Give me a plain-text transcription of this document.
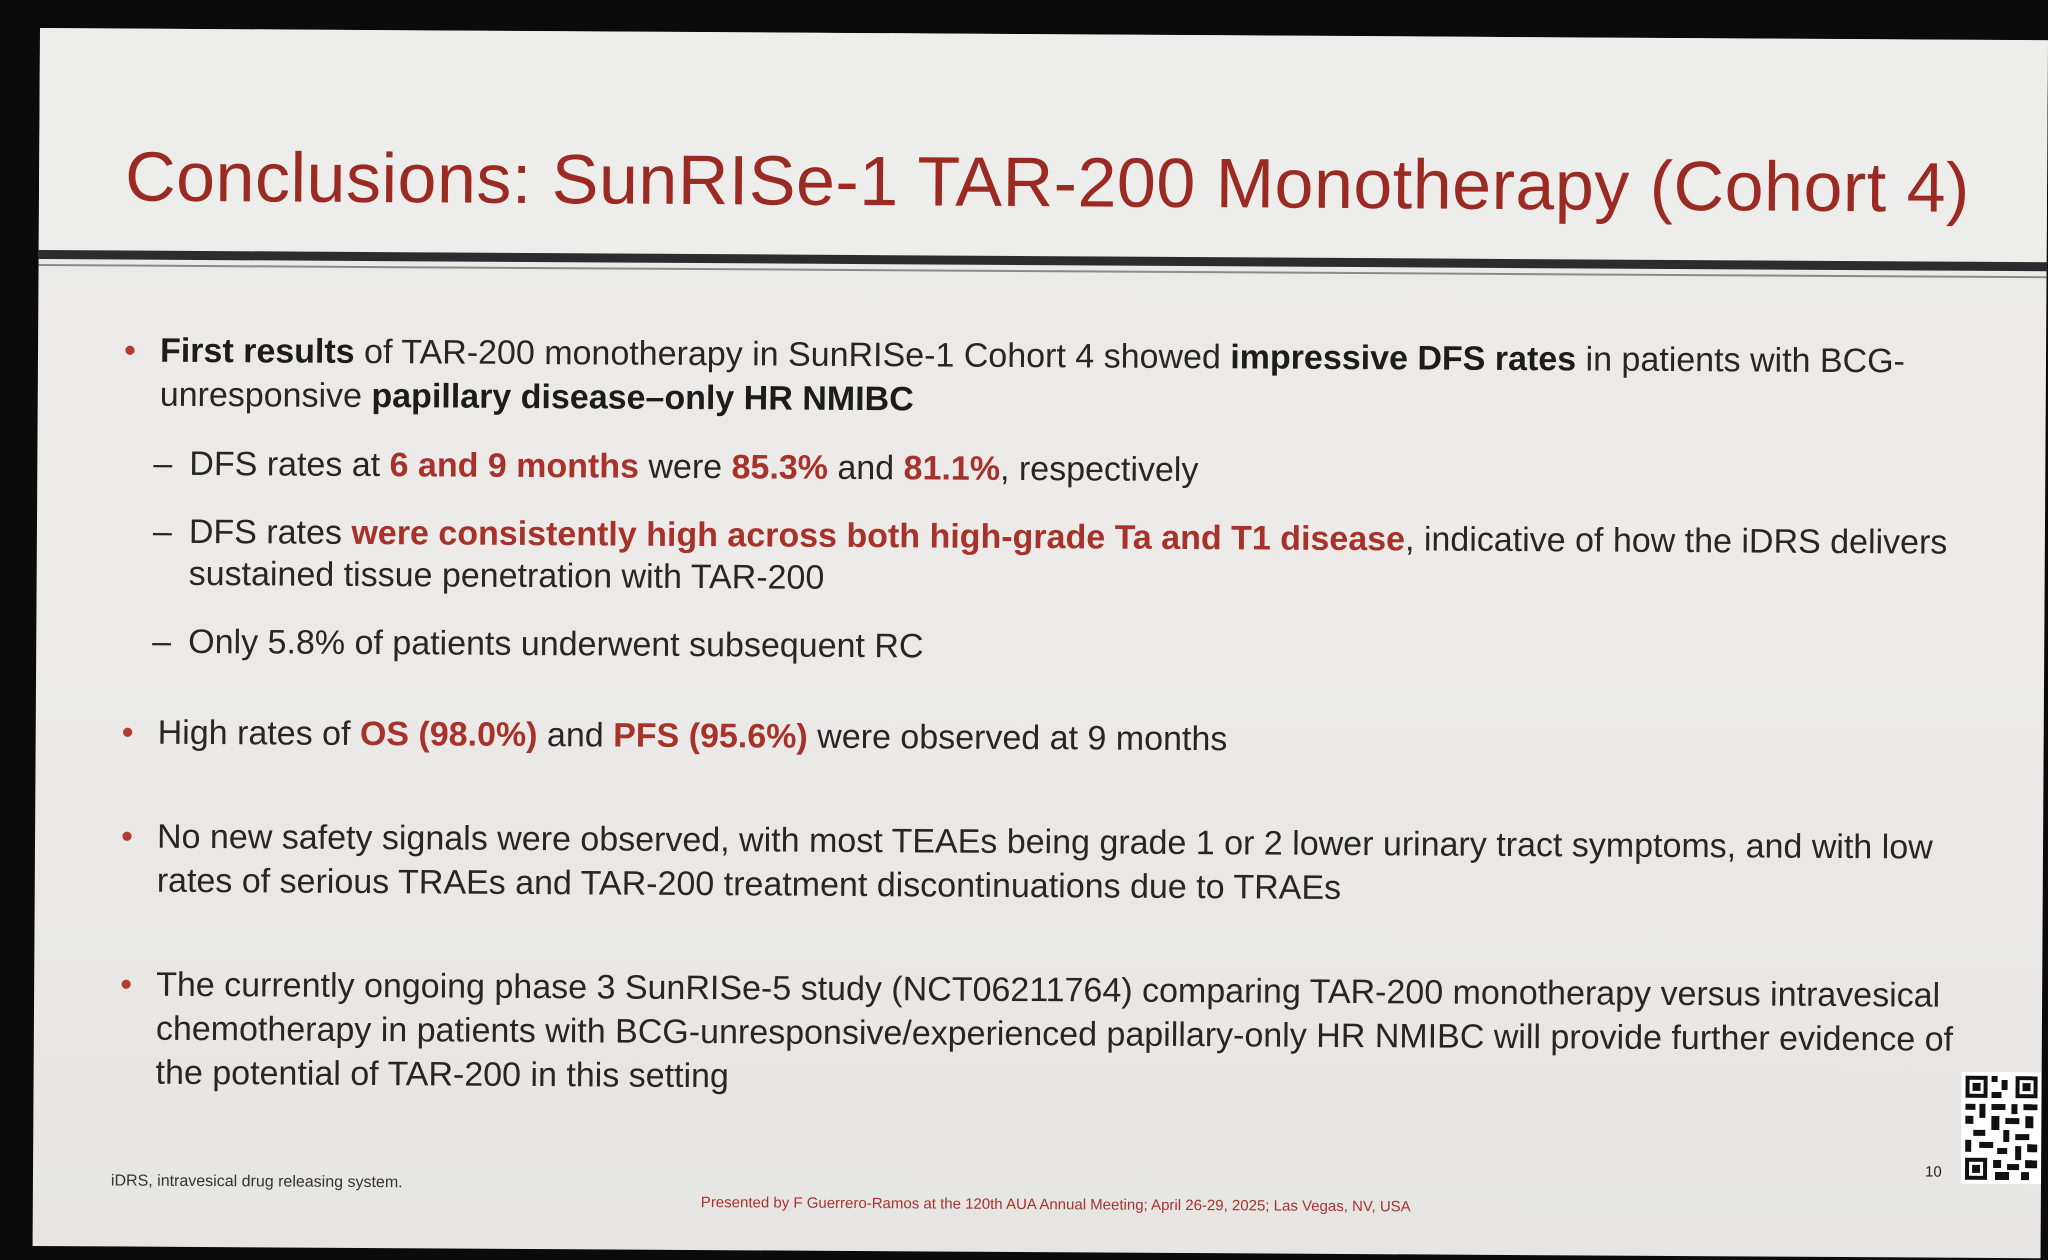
Conclusions: SunRISe-1 TAR-200 Monotherapy (Cohort 4)
• First results of TAR-200 monotherapy in SunRISe-1 Cohort 4 showed impressive DFS rates in patients with BCG-unresponsive papillary disease–only HR NMIBC
– DFS rates at 6 and 9 months were 85.3% and 81.1%, respectively
– DFS rates were consistently high across both high-grade Ta and T1 disease, indicative of how the iDRS delivers sustained tissue penetration with TAR-200
– Only 5.8% of patients underwent subsequent RC
• High rates of OS (98.0%) and PFS (95.6%) were observed at 9 months
• No new safety signals were observed, with most TEAEs being grade 1 or 2 lower urinary tract symptoms, and with low rates of serious TRAEs and TAR-200 treatment discontinuations due to TRAEs
• The currently ongoing phase 3 SunRISe-5 study (NCT06211764) comparing TAR-200 monotherapy versus intravesical chemotherapy in patients with BCG-unresponsive/experienced papillary-only HR NMIBC will provide further evidence of the potential of TAR-200 in this setting
iDRS, intravesical drug releasing system.
Presented by F Guerrero-Ramos at the 120th AUA Annual Meeting; April 26-29, 2025; Las Vegas, NV, USA
10
